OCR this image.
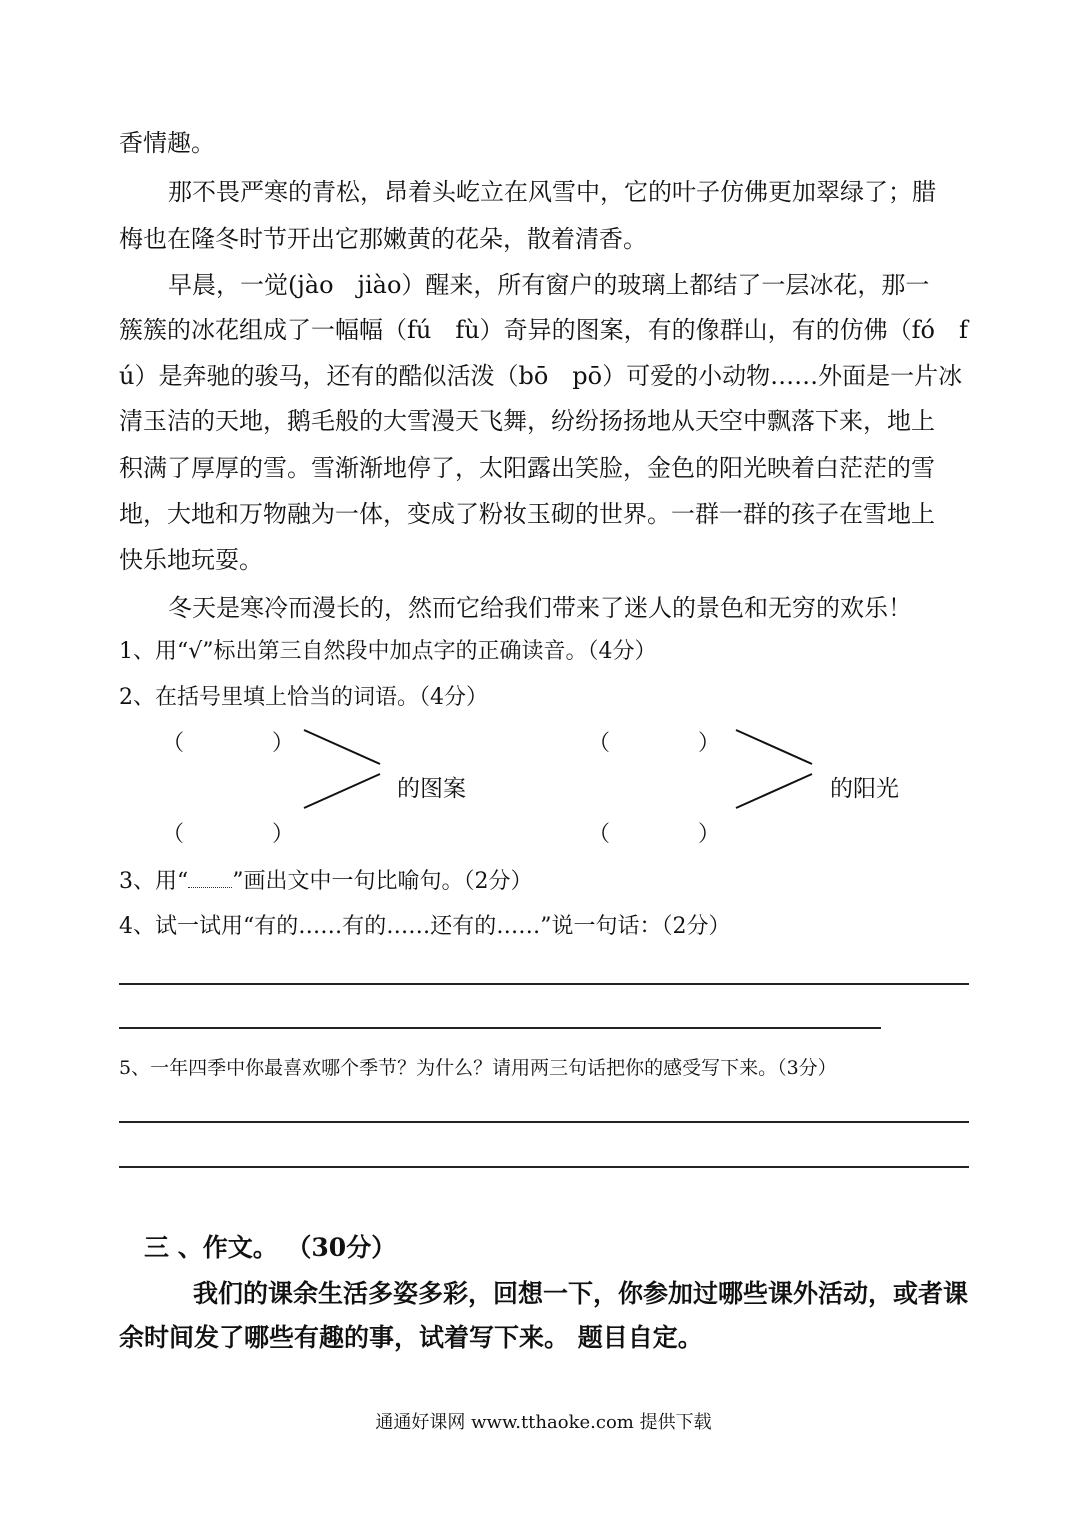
香情趣。
那不畏严寒的青松，昂着头屹立在风雪中，它的叶子仿佛更加翠绿了；腊
梅也在隆冬时节开出它那嫩黄的花朵，散着清香。
早晨，一觉(jào　jiào）醒来，所有窗户的玻璃上都结了一层冰花，那一
簇簇的冰花组成了一幅幅（fú　fù）奇异的图案，有的像群山，有的仿佛（fó　f
ú）是奔驰的骏马，还有的酷似活泼（bō　pō）可爱的小动物……外面是一片冰
清玉洁的天地，鹅毛般的大雪漫天飞舞，纷纷扬扬地从天空中飘落下来，地上
积满了厚厚的雪。雪渐渐地停了，太阳露出笑脸，金色的阳光映着白茫茫的雪
地，大地和万物融为一体，变成了粉妆玉砌的世界。一群一群的孩子在雪地上
快乐地玩耍。
冬天是寒冷而漫长的，然而它给我们带来了迷人的景色和无穷的欢乐！
1、用“√”标出第三自然段中加点字的正确读音。（4分）
2、在括号里填上恰当的词语。（4分）
（　　　　）
（　　　　）
的图案
（　　　　）
（　　　　）
的阳光
3、用“ ”画出文中一句比喻句。（2分）
4、试一试用“有的……有的……还有的……”说一句话：（2分）
5、一年四季中你最喜欢哪个季节？为什么？请用两三句话把你的感受写下来。（3分）
三 、作文。 （30分）
我们的课余生活多姿多彩，回想一下，你参加过哪些课外活动，或者课
余时间发了哪些有趣的事，试着写下来。 题目自定。
通通好课网 www.tthaoke.com 提供下载
